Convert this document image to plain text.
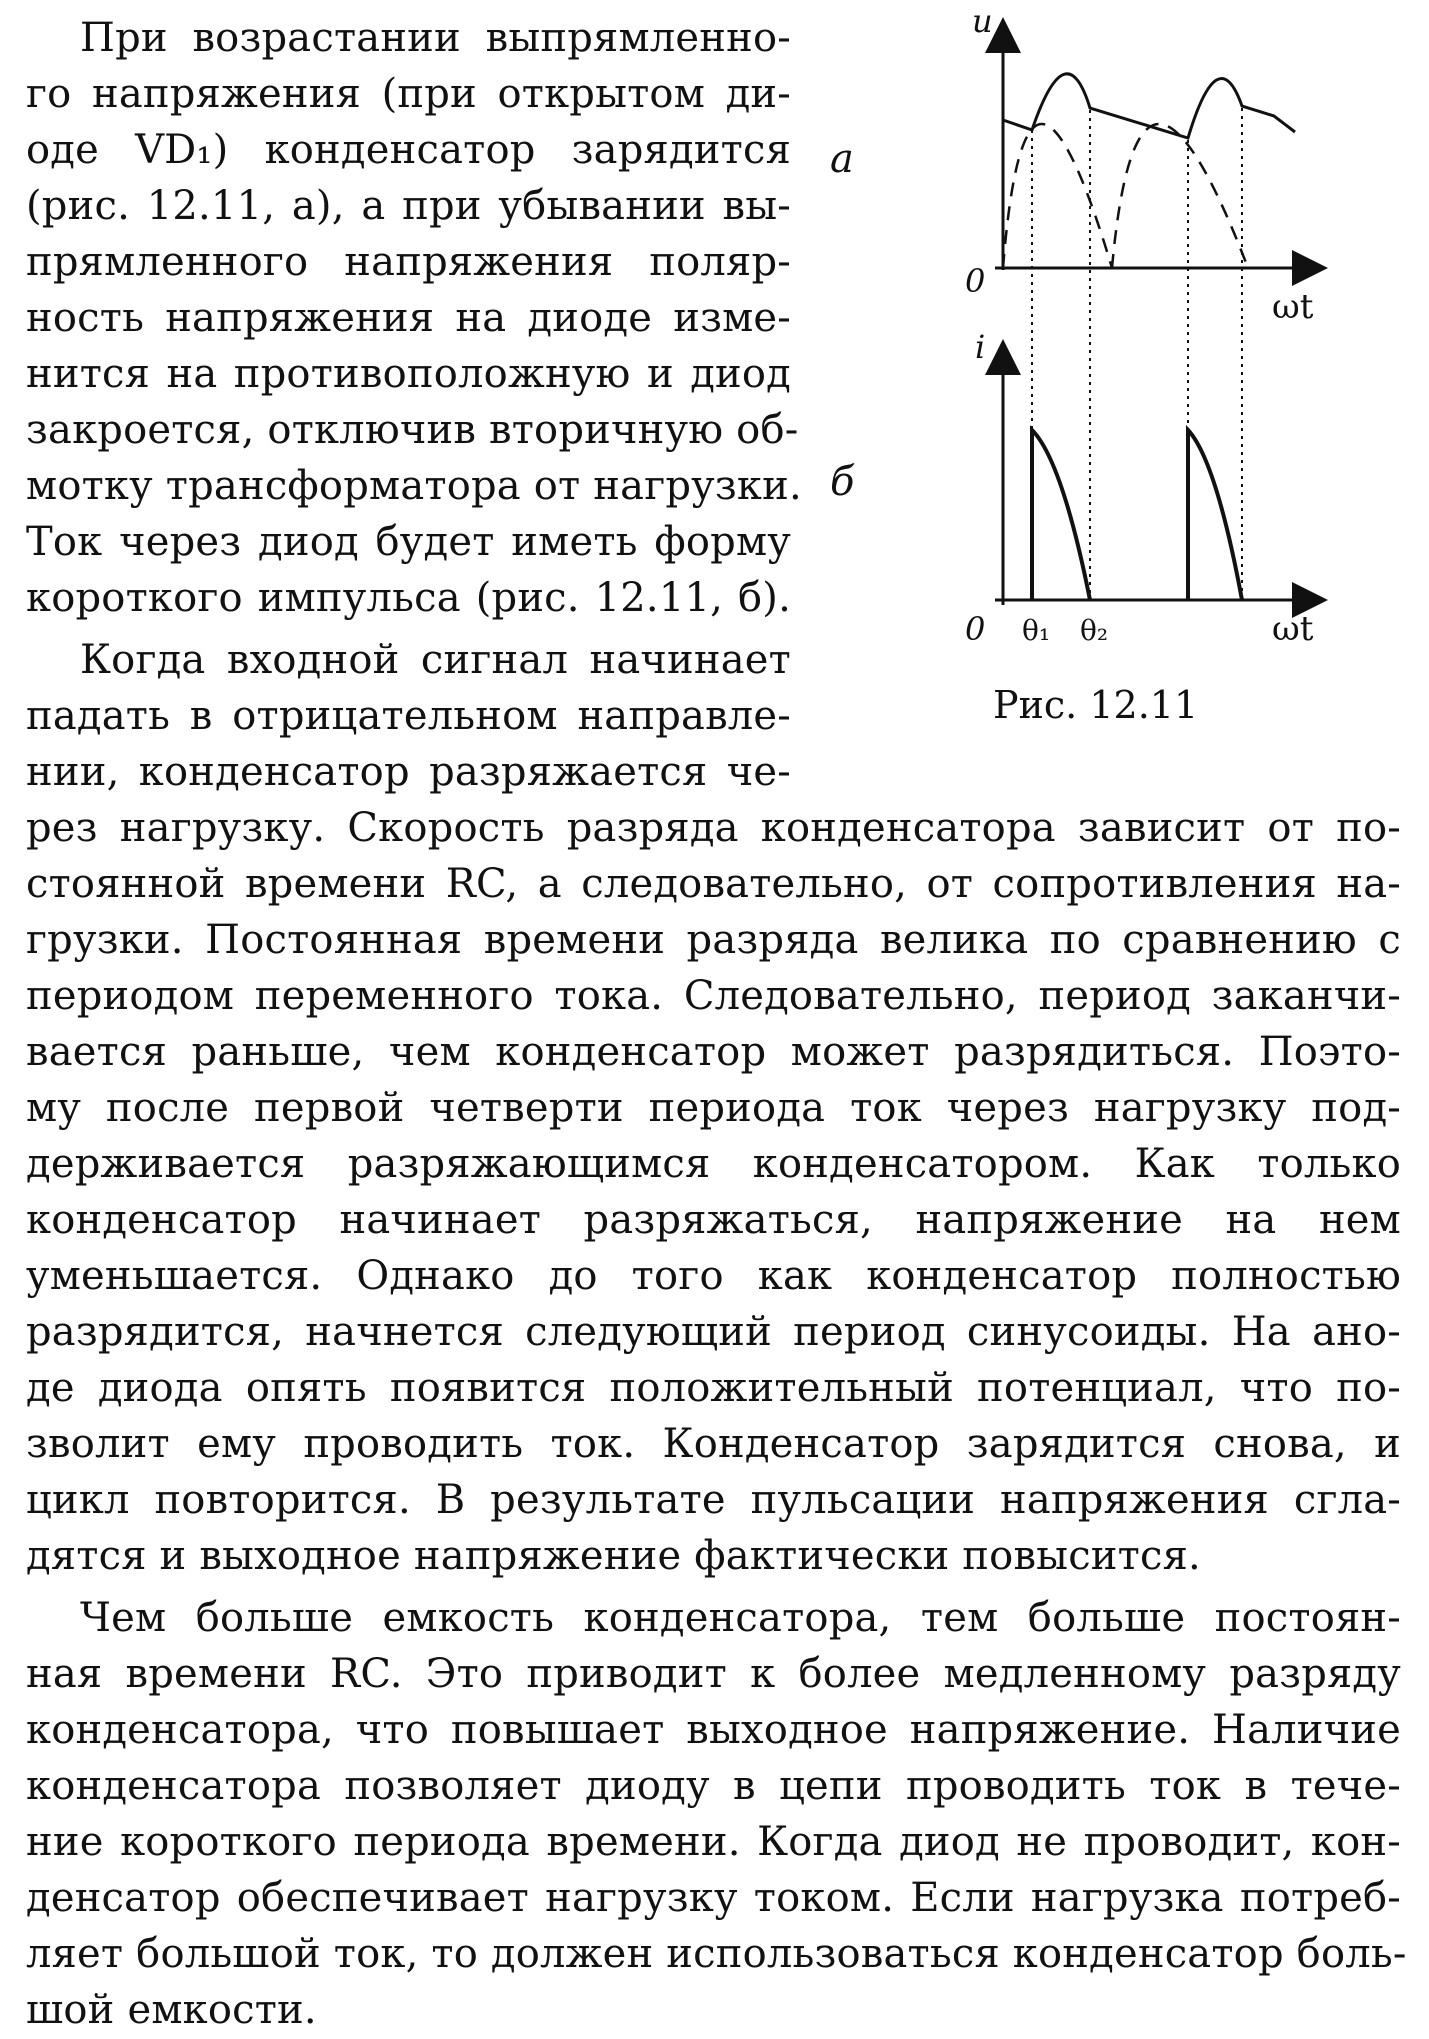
u
0
ωt
а
i
0 θ₁ θ₂	ωt
б
Рис. 12.11
При возрастании выпрямленно-
го напряжения (при открытом ди-
оде VD₁) конденсатор зарядится
(рис. 12.11, а), а при убывании вы-
прямленного напряжения поляр-
ность напряжения на диоде изме-
нится на противоположную и диод
закроется, отключив вторичную об-
мотку трансформатора от нагрузки.
Ток через диод будет иметь форму
короткого импульса (рис. 12.11, б).
Когда входной сигнал начинает
падать в отрицательном направле-
нии, конденсатор разряжается че-
рез нагрузку. Скорость разряда конденсатора зависит от по-
стоянной времени RC, а следовательно, от сопротивления на-
грузки. Постоянная времени разряда велика по сравнению с
периодом переменного тока. Следовательно, период заканчи-
вается раньше, чем конденсатор может разрядиться. Поэто-
му после первой четверти периода ток через нагрузку под-
держивается разряжающимся конденсатором. Как только
конденсатор начинает разряжаться, напряжение на нем
уменьшается. Однако до того как конденсатор полностью
разрядится, начнется следующий период синусоиды. На ано-
де диода опять появится положительный потенциал, что по-
зволит ему проводить ток. Конденсатор зарядится снова, и
цикл повторится. В результате пульсации напряжения сгла-
дятся и выходное напряжение фактически повысится.
Чем больше емкость конденсатора, тем больше постоян-
ная времени RC. Это приводит к более медленному разряду
конденсатора, что повышает выходное напряжение. Наличие
конденсатора позволяет диоду в цепи проводить ток в тече-
ние короткого периода времени. Когда диод не проводит, кон-
денсатор обеспечивает нагрузку током. Если нагрузка потреб-
ляет большой ток, то должен использоваться конденсатор боль-
шой емкости.
